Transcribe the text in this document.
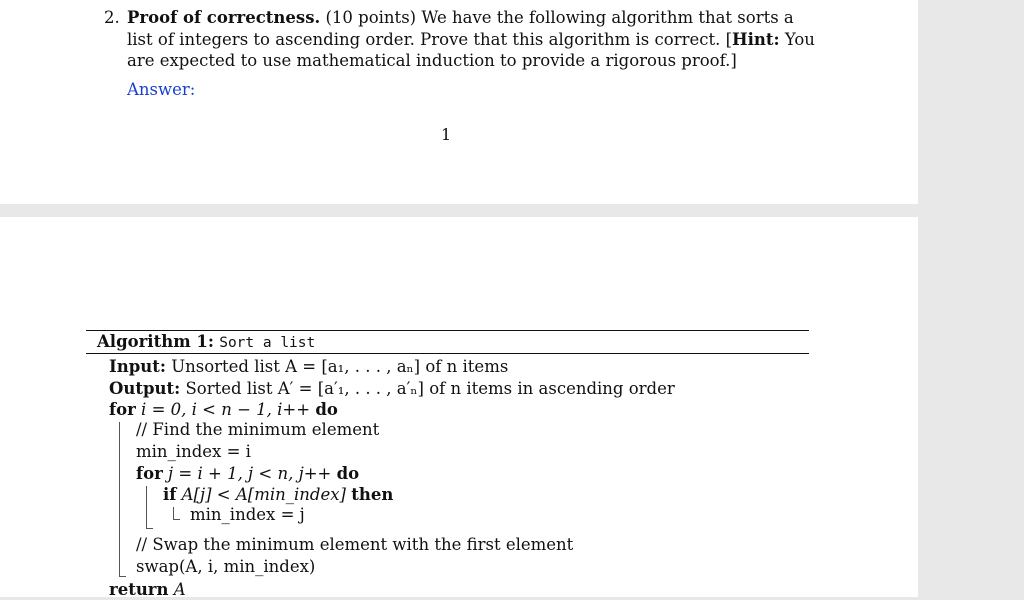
2. Proof of correctness. (10 points) We have the following algorithm that sorts a list of integers to ascending order. Prove that this algorithm is correct. [Hint: You are expected to use mathematical induction to provide a rigorous proof.]
Answer:
1
Algorithm 1: Sort a list
Input: Unsorted list A = [a₁, . . . , aₙ] of n items
Output: Sorted list A′ = [a′₁, . . . , a′ₙ] of n items in ascending order
for i = 0, i < n − 1, i++ do
// Find the minimum element
min_index = i
for j = i + 1, j < n, j++ do
if A[j] < A[min_index] then
min_index = j
// Swap the minimum element with the first element
swap(A, i, min_index)
return A
